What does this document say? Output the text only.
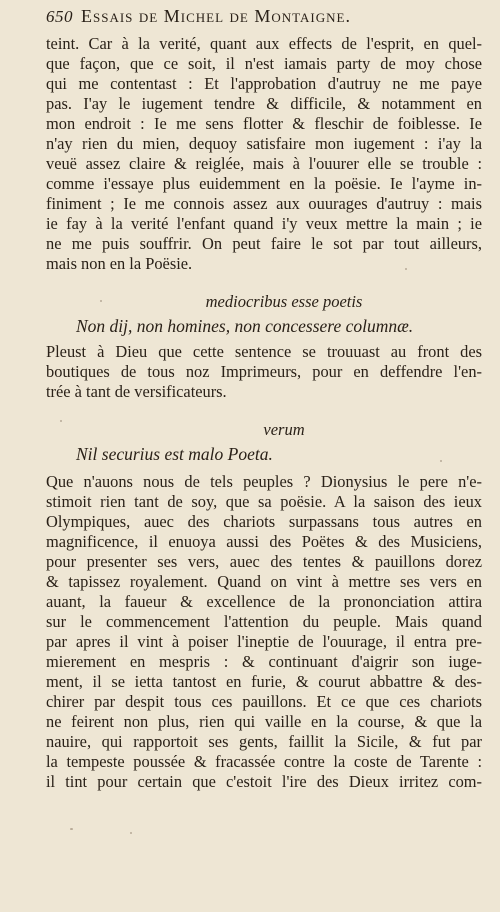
650 Essais de Michel de Montaigne.
teint. Car à la verité, quant aux effects de l'esprit, en quel-
que façon, que ce soit, il n'est iamais party de moy chose
qui me contentast : Et l'approbation d'autruy ne me paye
pas. I'ay le iugement tendre & difficile, & notamment en
mon endroit : Ie me sens flotter & fleschir de foiblesse. Ie
n'ay rien du mien, dequoy satisfaire mon iugement : i'ay la
veuë assez claire & reiglée, mais à l'ouurer elle se trouble :
comme i'essaye plus euidemment en la poësie. Ie l'ayme in-
finiment ; Ie me connois assez aux ouurages d'autruy : mais
ie fay à la verité l'enfant quand i'y veux mettre la main ; ie
ne me puis souffrir. On peut faire le sot par tout ailleurs,
mais non en la Poësie.
mediocribus esse poetis
Non dij, non homines, non concessere columnæ.
Pleust à Dieu que cette sentence se trouuast au front des
boutiques de tous noz Imprimeurs, pour en deffendre l'en-
trée à tant de versificateurs.
verum
Nil securius est malo Poeta.
Que n'auons nous de tels peuples ? Dionysius le pere n'e-
stimoit rien tant de soy, que sa poësie. A la saison des ieux
Olympiques, auec des chariots surpassans tous autres en
magnificence, il enuoya aussi des Poëtes & des Musiciens,
pour presenter ses vers, auec des tentes & pauillons dorez
& tapissez royalement. Quand on vint à mettre ses vers en
auant, la faueur & excellence de la prononciation attira
sur le commencement l'attention du peuple. Mais quand
par apres il vint à poiser l'ineptie de l'ouurage, il entra pre-
mierement en mespris : & continuant d'aigrir son iuge-
ment, il se ietta tantost en furie, & courut abbattre & des-
chirer par despit tous ces pauillons. Et ce que ces chariots
ne feirent non plus, rien qui vaille en la course, & que la
nauire, qui rapportoit ses gents, faillit la Sicile, & fut par
la tempeste poussée & fracassée contre la coste de Tarente :
il tint pour certain que c'estoit l'ire des Dieux irritez com-
